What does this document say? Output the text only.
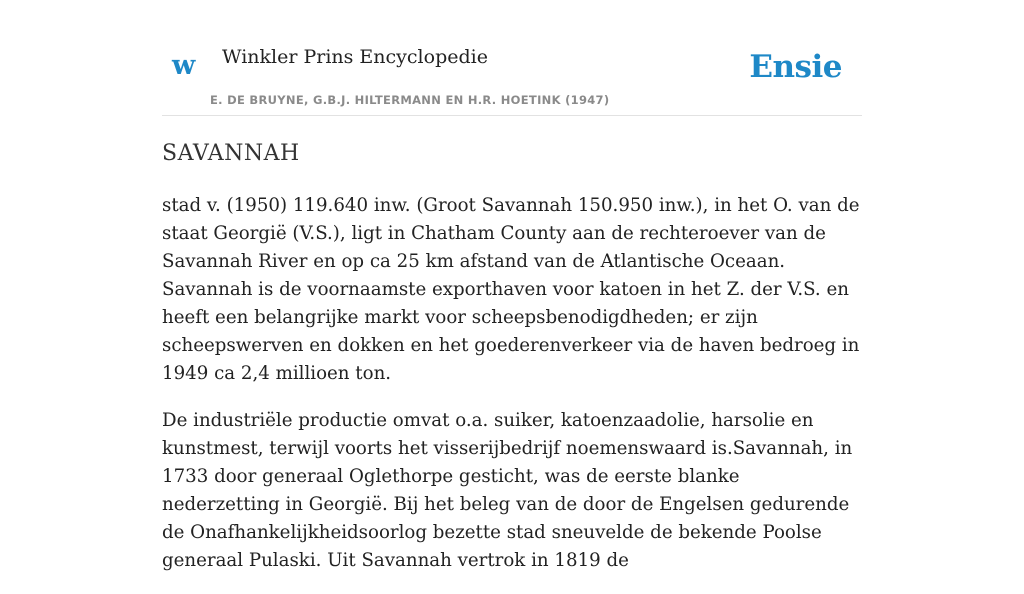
w Winkler Prins Encyclopedie
E. DE BRUYNE, G.B.J. HILTERMANN EN H.R. HOETINK (1947)
Ensie
SAVANNAH

stad v. (1950) 119.640 inw. (Groot Savannah 150.950 inw.), in het O. van de staat Georgië (V.S.), ligt in Chatham County aan de rechteroever van de Savannah River en op ca 25 km afstand van de Atlantische Oceaan. Savannah is de voornaamste exporthaven voor katoen in het Z. der V.S. en heeft een belangrijke markt voor scheepsbenodigdheden; er zijn scheepswerven en dokken en het goederenverkeer via de haven bedroeg in 1949 ca 2,4 millioen ton.

De industriële productie omvat o.a. suiker, katoenzaadolie, harsolie en kunstmest, terwijl voorts het visserijbedrijf noemenswaard is.Savannah, in 1733 door generaal Oglethorpe gesticht, was de eerste blanke nederzetting in Georgië. Bij het beleg van de door de Engelsen gedurende de Onafhankelijkheidsoorlog bezette stad sneuvelde de bekende Poolse generaal Pulaski. Uit Savannah vertrok in 1819 de
